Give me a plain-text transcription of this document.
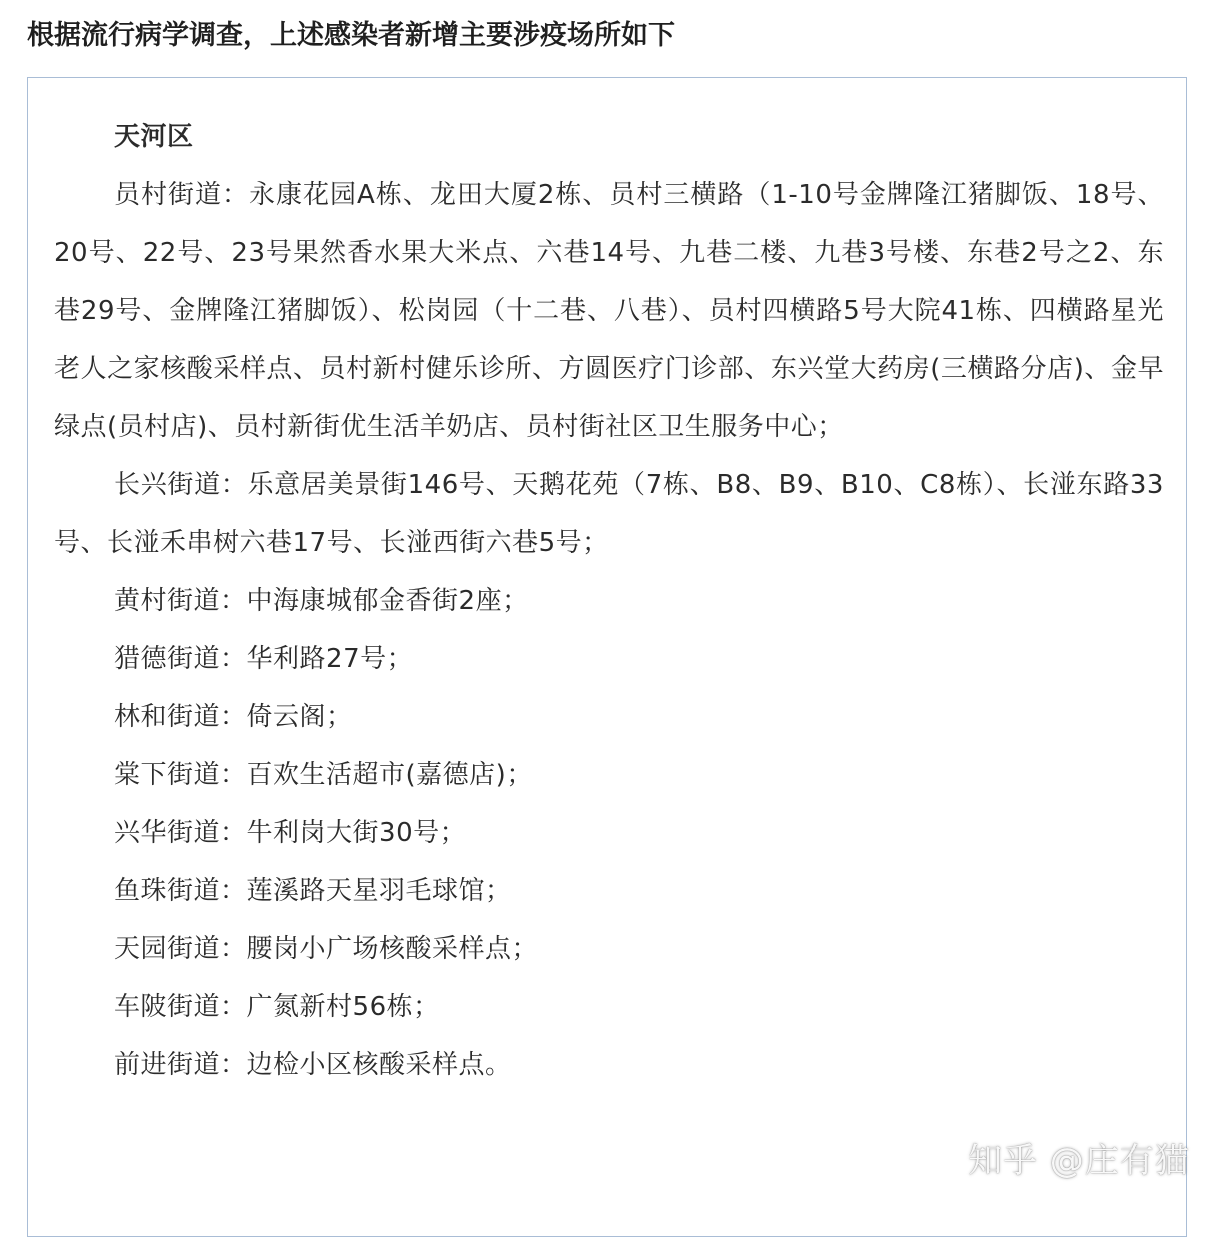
根据流行病学调查，上述感染者新增主要涉疫场所如下

天河区

员村街道：永康花园A栋、龙田大厦2栋、员村三横路（1-10号金牌隆江猪脚饭、18号、20号、22号、23号果然香水果大米点、六巷14号、九巷二楼、九巷3号楼、东巷2号之2、东巷29号、金牌隆江猪脚饭）、松岗园（十二巷、八巷）、员村四横路5号大院41栋、四横路星光老人之家核酸采样点、员村新村健乐诊所、方圆医疗门诊部、东兴堂大药房(三横路分店)、金早绿点(员村店)、员村新街优生活羊奶店、员村街社区卫生服务中心；

长兴街道：乐意居美景街146号、天鹅花苑（7栋、B8、B9、B10、C8栋）、长湴东路33号、长湴禾串树六巷17号、长湴西街六巷5号；

黄村街道：中海康城郁金香街2座；

猎德街道：华利路27号；

林和街道：倚云阁；

棠下街道：百欢生活超市(嘉德店)；

兴华街道：牛利岗大街30号；

鱼珠街道：莲溪路天星羽毛球馆；

天园街道：腰岗小广场核酸采样点；

车陂街道：广氮新村56栋；

前进街道：边检小区核酸采样点。

知乎 @庄有猫
